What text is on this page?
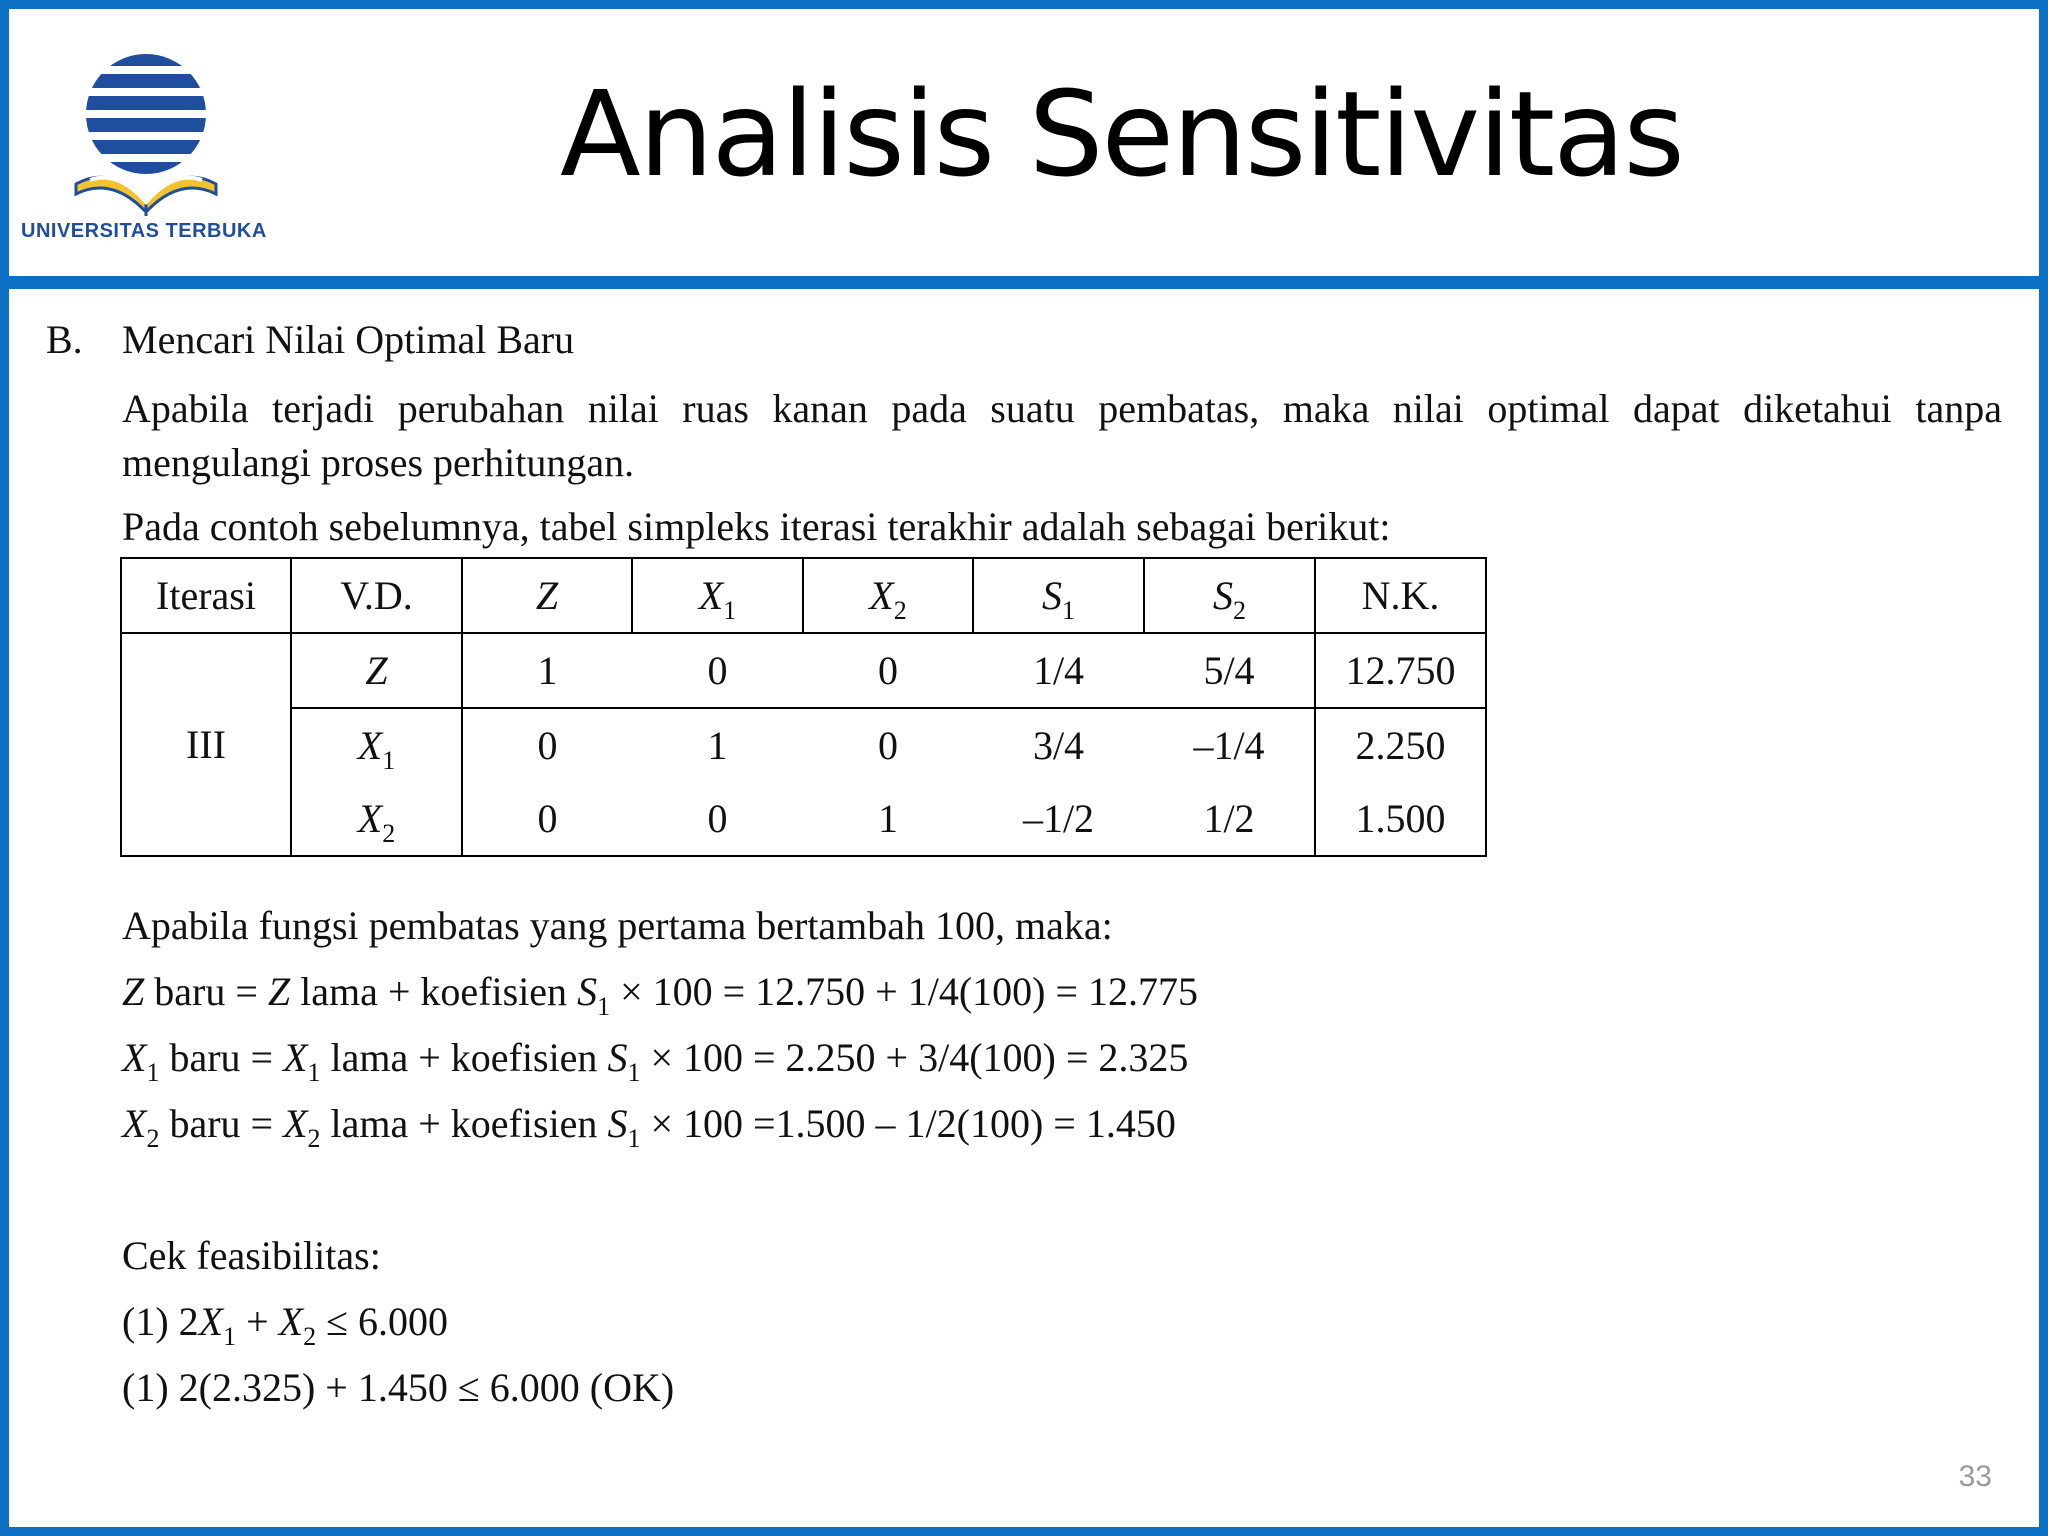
UNIVERSITAS TERBUKA
Analisis Sensitivitas
B. Mencari Nilai Optimal Baru

Apabila terjadi perubahan nilai ruas kanan pada suatu pembatas, maka nilai optimal dapat diketahui tanpa mengulangi proses perhitungan.

Pada contoh sebelumnya, tabel simpleks iterasi terakhir adalah sebagai berikut:
Iterasi	V.D.	Z	$X_1$	$X_2$	$S_1$	$S_2$	N.K.
III	Z	1	0	0	1/4	5/4	12.750
	$X_1$	0	1	0	3/4	–1/4	2.250
	$X_2$	0	0	1	–1/2	1/2	1.500
Apabila fungsi pembatas yang pertama bertambah 100, maka:
Z baru = Z lama + koefisien $S_1 \times 100 = 12.750 + 1/4(100) = 12.775$
$X_1$ baru = $X_1$ lama + koefisien $S_1 \times 100 = 2.250 + 3/4(100) = 2.325$
$X_2$ baru = $X_2$ lama + koefisien $S_1 \times 100 =1.500 - 1/2(100) = 1.450$
Cek feasibilitas:
(1) $2X_1 + X_2 \le 6.000$
(1) 2(2.325) + 1.450 ≤ 6.000 (OK)
33
